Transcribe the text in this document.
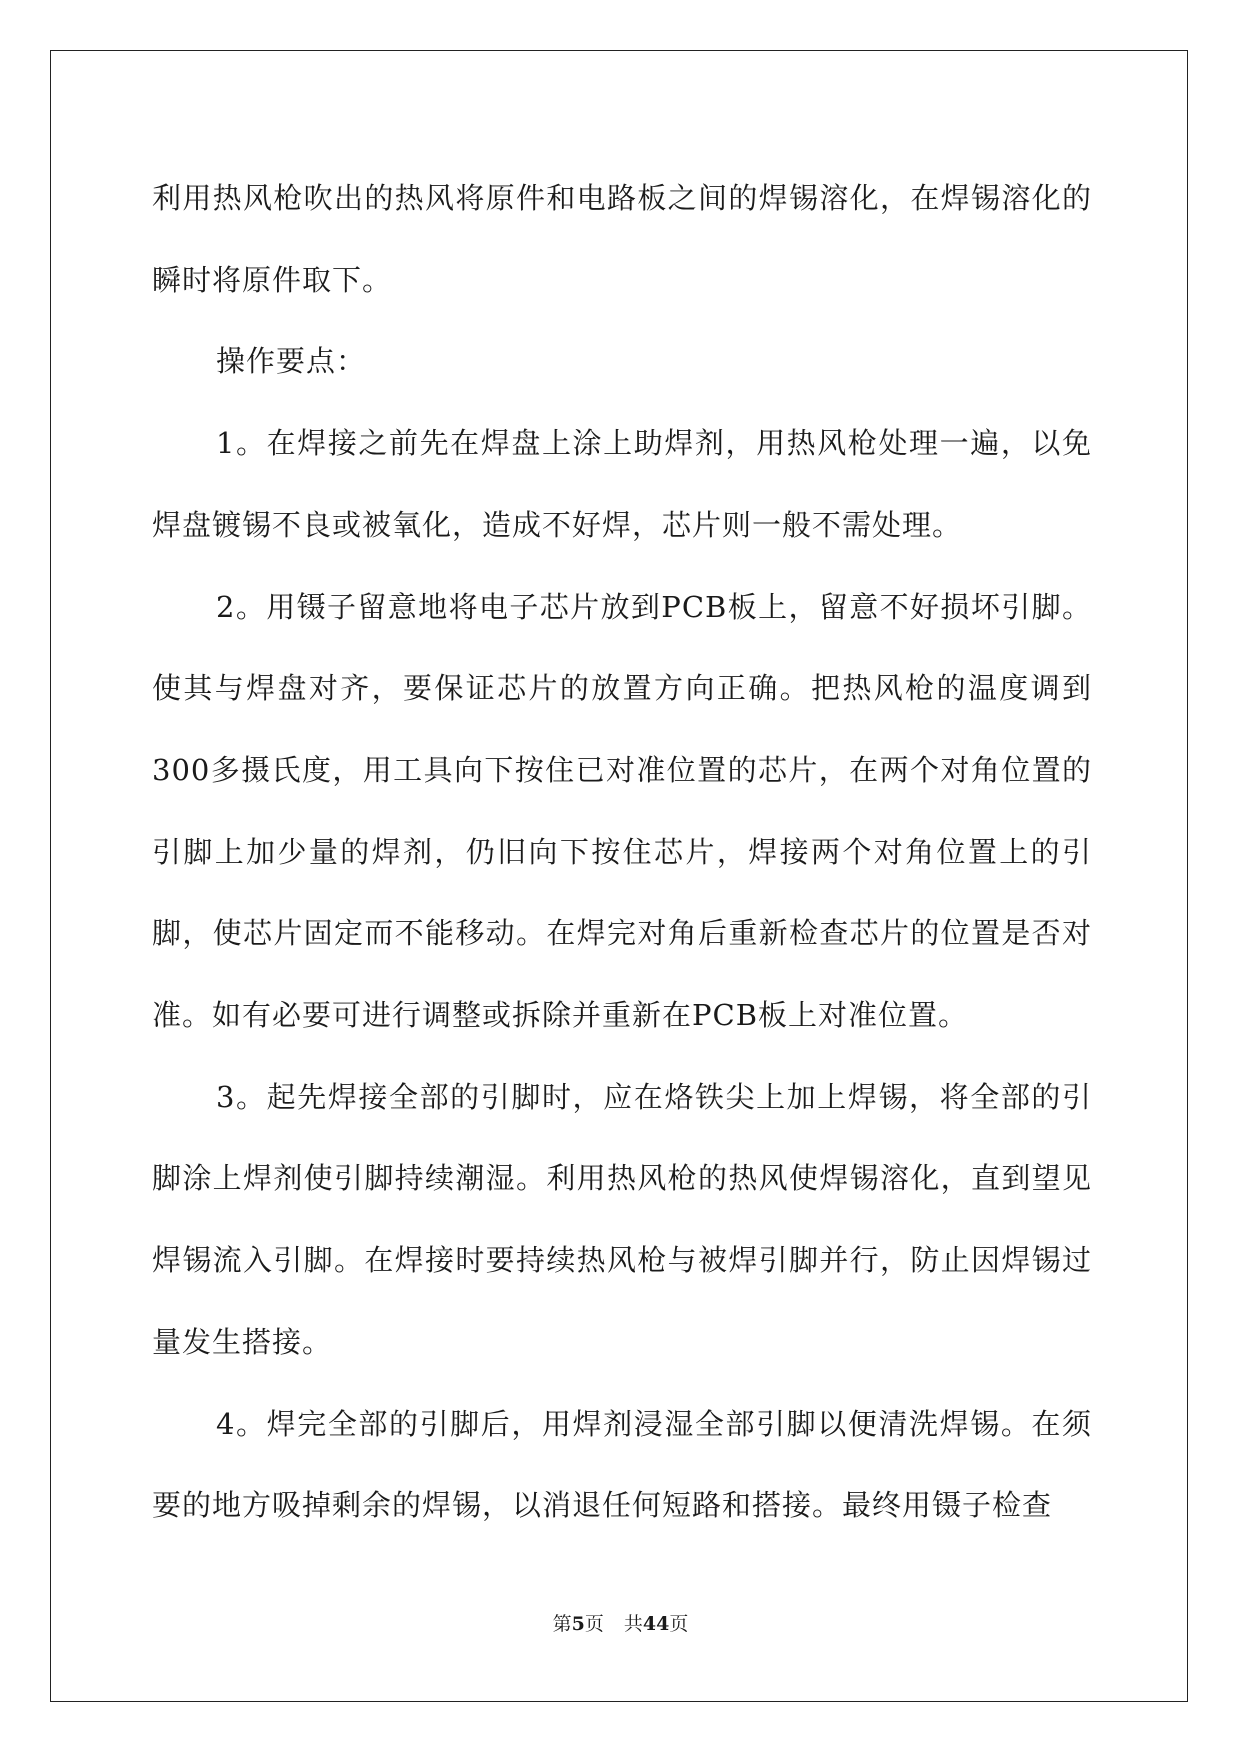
利用热风枪吹出的热风将原件和电路板之间的焊锡溶化，在焊锡溶化的瞬时将原件取下。

操作要点：

1。在焊接之前先在焊盘上涂上助焊剂，用热风枪处理一遍，以免焊盘镀锡不良或被氧化，造成不好焊，芯片则一般不需处理。

2。用镊子留意地将电子芯片放到PCB板上，留意不好损坏引脚。使其与焊盘对齐，要保证芯片的放置方向正确。把热风枪的温度调到300多摄氏度，用工具向下按住已对准位置的芯片，在两个对角位置的引脚上加少量的焊剂，仍旧向下按住芯片，焊接两个对角位置上的引脚，使芯片固定而不能移动。在焊完对角后重新检查芯片的位置是否对准。如有必要可进行调整或拆除并重新在PCB板上对准位置。

3。起先焊接全部的引脚时，应在烙铁尖上加上焊锡，将全部的引脚涂上焊剂使引脚持续潮湿。利用热风枪的热风使焊锡溶化，直到望见焊锡流入引脚。在焊接时要持续热风枪与被焊引脚并行，防止因焊锡过量发生搭接。

4。焊完全部的引脚后，用焊剂浸湿全部引脚以便清洗焊锡。在须要的地方吸掉剩余的焊锡，以消退任何短路和搭接。最终用镊子检查

第5页 共44页
